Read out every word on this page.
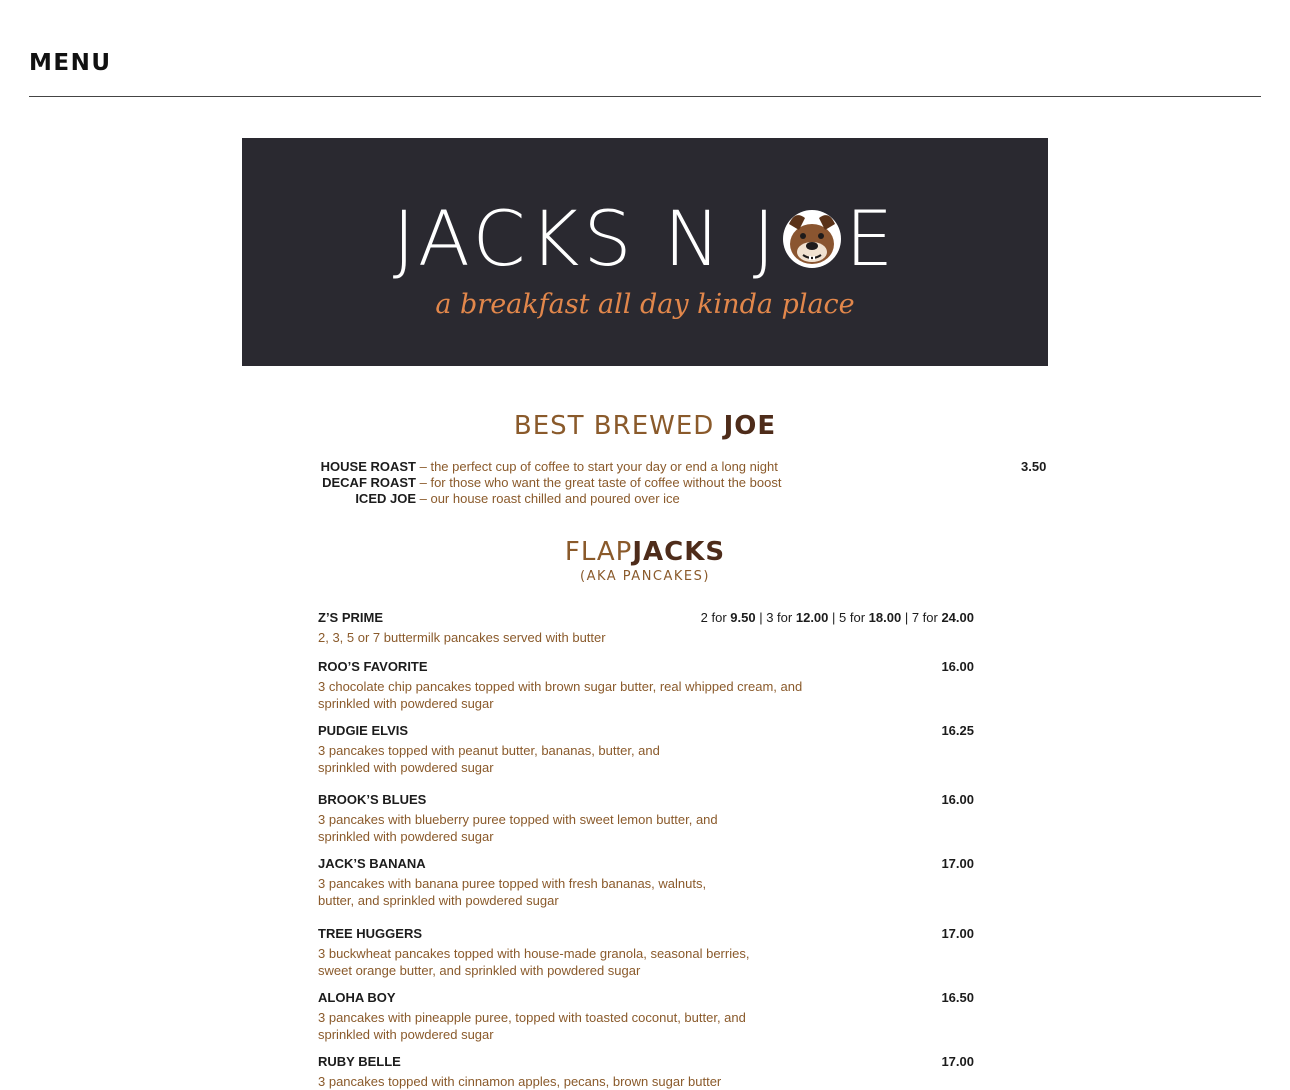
MENU
JACKS N J E
a breakfast all day kinda place
BEST BREWED JOE
HOUSE ROAST – the perfect cup of coffee to start your day or end a long night	3.50
DECAF ROAST – for those who want the great taste of coffee without the boost
ICED JOE – our house roast chilled and poured over ice
FLAPJACKS
(AKA PANCAKES)
Z’S PRIME
2, 3, 5 or 7 buttermilk pancakes served with butter
2 for 9.50 | 3 for 12.00 | 5 for 18.00 | 7 for 24.00
ROO’S FAVORITE
3 chocolate chip pancakes topped with brown sugar butter, real whipped cream, and sprinkled with powdered sugar
16.00
PUDGIE ELVIS
3 pancakes topped with peanut butter, bananas, butter, and sprinkled with powdered sugar
16.25
BROOK’S BLUES
3 pancakes with blueberry puree topped with sweet lemon butter, and sprinkled with powdered sugar
16.00
JACK’S BANANA
3 pancakes with banana puree topped with fresh bananas, walnuts, butter, and sprinkled with powdered sugar
17.00
TREE HUGGERS
3 buckwheat pancakes topped with house-made granola, seasonal berries, sweet orange butter, and sprinkled with powdered sugar
17.00
ALOHA BOY
3 pancakes with pineapple puree, topped with toasted coconut, butter, and sprinkled with powdered sugar
16.50
RUBY BELLE
3 pancakes topped with cinnamon apples, pecans, brown sugar butter
17.00
